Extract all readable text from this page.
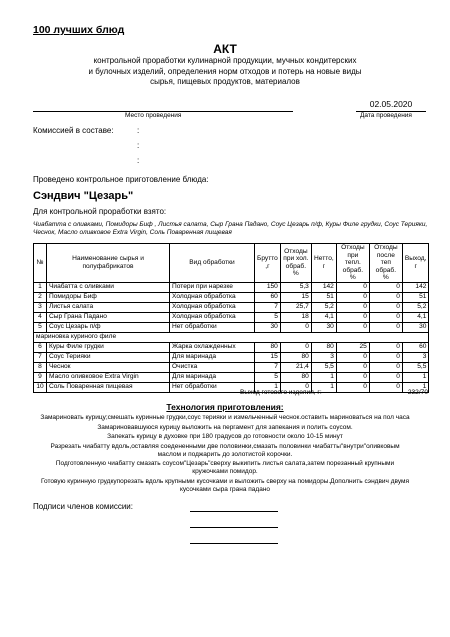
100 лучших блюд
АКТ
контрольной проработки кулинарной продукции, мучных кондитерских
и булочных изделий, определения норм отходов и потерь на новые виды
сырья, пищевых продуктов, материалов
Место проведения
02.05.2020
Дата проведения
Комиссией в составе:	:
:
:
Проведено контрольное приготовление блюда:
Сэндвич "Цезарь"
Для контрольной проработки взято:
Чиабатта с оливками, Помидоры Биф , Листья салата, Сыр Грана Падано, Соус Цезарь п/ф, Куры Филе грудки, Соус Терияки, Чеснок, Масло оливковое Extra Virgin, Соль Поваренная пищевая
№	Наименование сырья и полуфабрикатов	Вид обработки	Брутто ,г	Отходы при хол. обраб. %	Нетто, г	Отходы при тепл. обраб. %	Отходы после теп обраб. %	Выход, г
1	Чиабатта с оливками	Потери при нарезке	150	5,3	142	0	0	142
2	Помидоры Биф	Холодная обработка	60	15	51	0	0	51
3	Листья салата	Холодная обработка	7	25,7	5,2	0	0	5,2
4	Сыр Грана Падано	Холодная обработка	5	18	4,1	0	0	4,1
5	Соус Цезарь п/ф	Нет обработки	30	0	30	0	0	30
мариновка куриного филе								
6	Куры Филе грудки	Жарка охлажденных	80	0	80	25	0	60
7	Соус Терияки	Для маринада	15	80	3	0	0	3
8	Чеснок	Очистка	7	21,4	5,5	0	0	5,5
9	Масло оливковое Extra Virgin	Для маринада	5	80	1	0	0	1
10	Соль Поваренная пищевая	Нет обработки	1	0	1	0	0	1
Выход готового изделия, г:	232/70
Технология приготовления:

Замариновать курицу;смешать куринные грудки,соус терияки и измельченный чеснок.оставить мариноваться на пол часа

Замариновавшуюся курицу выложить на пергамент для запекания и полить соусом.

Запекать курицу в духовке при 180 градусов до готовности около 10-15 минут

Разрезать чиабатту вдоль,оставляя соедененными две половинки,смазать половинки чиабатты"внутри"оливковым маслом и поджарить до золотистой корочки.

Подготовленную чиабатту смазать соусом"Цезарь"сверху выкипить листья салата,затем порезанный крупными кружочками помидор.

Готовую куринную грудкупорезать вдоль крупными кусочками и выложить сверху на помидоры.Дополнить сэндвич двумя кусочками сыра грана падано

Подписи членов комиссии:
